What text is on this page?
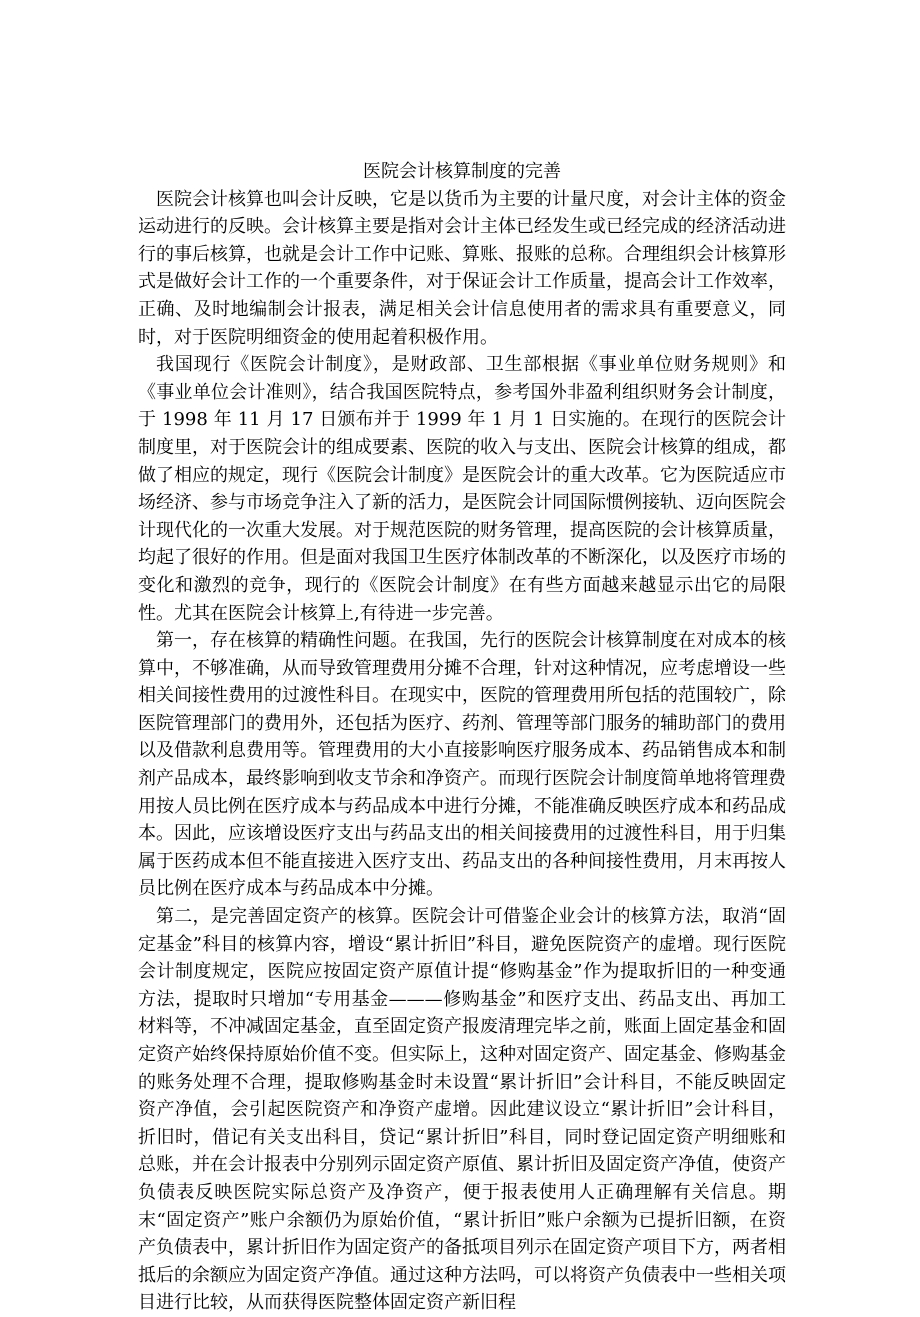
医院会计核算制度的完善

医院会计核算也叫会计反映，它是以货币为主要的计量尺度，对会计主体的资金运动进行的反映。会计核算主要是指对会计主体已经发生或已经完成的经济活动进行的事后核算，也就是会计工作中记账、算账、报账的总称。合理组织会计核算形式是做好会计工作的一个重要条件，对于保证会计工作质量，提高会计工作效率，正确、及时地编制会计报表，满足相关会计信息使用者的需求具有重要意义，同时，对于医院明细资金的使用起着积极作用。

我国现行《医院会计制度》，是财政部、卫生部根据《事业单位财务规则》和《事业单位会计准则》，结合我国医院特点，参考国外非盈利组织财务会计制度，于 1998 年 11 月 17 日颁布并于 1999 年 1 月 1 日实施的。在现行的医院会计制度里，对于医院会计的组成要素、医院的收入与支出、医院会计核算的组成，都做了相应的规定，现行《医院会计制度》是医院会计的重大改革。它为医院适应市场经济、参与市场竞争注入了新的活力，是医院会计同国际惯例接轨、迈向医院会计现代化的一次重大发展。对于规范医院的财务管理，提高医院的会计核算质量，均起了很好的作用。但是面对我国卫生医疗体制改革的不断深化，以及医疗市场的变化和激烈的竞争，现行的《医院会计制度》在有些方面越来越显示出它的局限性。尤其在医院会计核算上,有待进一步完善。

第一，存在核算的精确性问题。在我国，先行的医院会计核算制度在对成本的核算中，不够准确，从而导致管理费用分摊不合理，针对这种情况，应考虑增设一些相关间接性费用的过渡性科目。在现实中，医院的管理费用所包括的范围较广，除医院管理部门的费用外，还包括为医疗、药剂、管理等部门服务的辅助部门的费用以及借款利息费用等。管理费用的大小直接影响医疗服务成本、药品销售成本和制剂产品成本，最终影响到收支节余和净资产。而现行医院会计制度简单地将管理费用按人员比例在医疗成本与药品成本中进行分摊，不能准确反映医疗成本和药品成本。因此，应该增设医疗支出与药品支出的相关间接费用的过渡性科目，用于归集属于医药成本但不能直接进入医疗支出、药品支出的各种间接性费用，月末再按人员比例在医疗成本与药品成本中分摊。

第二，是完善固定资产的核算。医院会计可借鉴企业会计的核算方法，取消“固定基金”科目的核算内容，增设“累计折旧”科目，避免医院资产的虚增。现行医院会计制度规定，医院应按固定资产原值计提“修购基金”作为提取折旧的一种变通方法，提取时只增加“专用基金———修购基金”和医疗支出、药品支出、再加工材料等，不冲减固定基金，直至固定资产报废清理完毕之前，账面上固定基金和固定资产始终保持原始价值不变。但实际上，这种对固定资产、固定基金、修购基金的账务处理不合理，提取修购基金时未设置“累计折旧”会计科目，不能反映固定资产净值，会引起医院资产和净资产虚增。因此建议设立“累计折旧”会计科目，折旧时，借记有关支出科目，贷记“累计折旧”科目，同时登记固定资产明细账和总账，并在会计报表中分别列示固定资产原值、累计折旧及固定资产净值，使资产负债表反映医院实际总资产及净资产，便于报表使用人正确理解有关信息。期末“固定资产”账户余额仍为原始价值，“累计折旧”账户余额为已提折旧额，在资产负债表中，累计折旧作为固定资产的备抵项目列示在固定资产项目下方，两者相抵后的余额应为固定资产净值。通过这种方法吗，可以将资产负债表中一些相关项目进行比较，从而获得医院整体固定资产新旧程
